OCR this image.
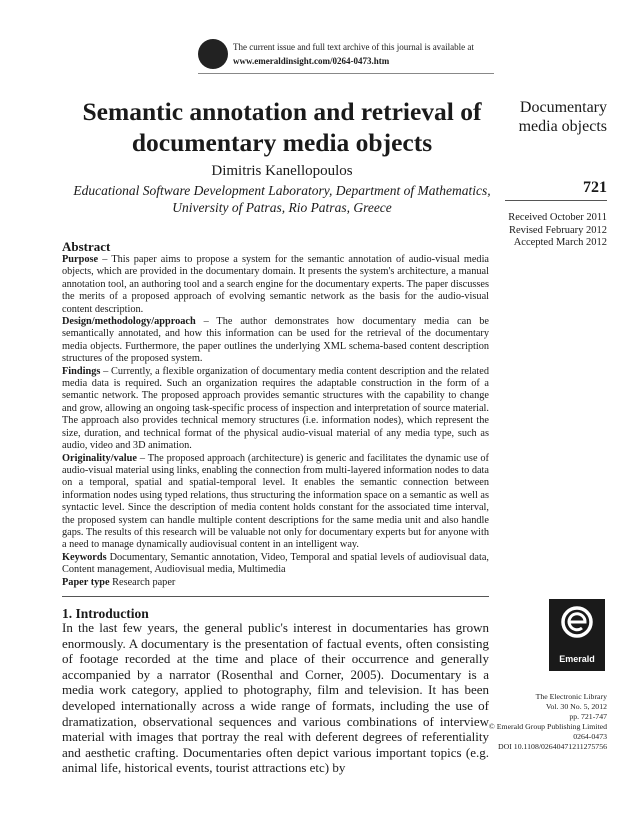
The current issue and full text archive of this journal is available at
www.emeraldinsight.com/0264-0473.htm
Semantic annotation and retrieval of documentary media objects
Dimitris Kanellopoulos
Educational Software Development Laboratory, Department of Mathematics, University of Patras, Rio Patras, Greece
Documentary media objects
721
Received October 2011
Revised February 2012
Accepted March 2012
Abstract

Purpose – This paper aims to propose a system for the semantic annotation of audio-visual media objects, which are provided in the documentary domain. It presents the system's architecture, a manual annotation tool, an authoring tool and a search engine for the documentary experts. The paper discusses the merits of a proposed approach of evolving semantic network as the basis for the audio-visual content description.

Design/methodology/approach – The author demonstrates how documentary media can be semantically annotated, and how this information can be used for the retrieval of the documentary media objects. Furthermore, the paper outlines the underlying XML schema-based content description structures of the proposed system.

Findings – Currently, a flexible organization of documentary media content description and the related media data is required. Such an organization requires the adaptable construction in the form of a semantic network. The proposed approach provides semantic structures with the capability to change and grow, allowing an ongoing task-specific process of inspection and interpretation of source material. The approach also provides technical memory structures (i.e. information nodes), which represent the size, duration, and technical format of the physical audio-visual material of any media type, such as audio, video and 3D animation.

Originality/value – The proposed approach (architecture) is generic and facilitates the dynamic use of audio-visual material using links, enabling the connection from multi-layered information nodes to data on a temporal, spatial and spatial-temporal level. It enables the semantic connection between information nodes using typed relations, thus structuring the information space on a semantic as well as syntactic level. Since the description of media content holds constant for the associated time interval, the proposed system can handle multiple content descriptions for the same media unit and also handle gaps. The results of this research will be valuable not only for documentary experts but for anyone with a need to manage dynamically audiovisual content in an intelligent way.

Keywords Documentary, Semantic annotation, Video, Temporal and spatial levels of audiovisual data, Content management, Audiovisual media, Multimedia

Paper type Research paper

1. Introduction

In the last few years, the general public's interest in documentaries has grown enormously. A documentary is the presentation of factual events, often consisting of footage recorded at the time and place of their occurrence and generally accompanied by a narrator (Rosenthal and Corner, 2005). Documentary is a media work category, applied to photography, film and television. It has been developed internationally across a wide range of formats, including the use of dramatization, observational sequences and various combinations of interview material with images that portray the real with deferent degrees of referentiality and aesthetic crafting. Documentaries often depict various important topics (e.g. animal life, historical events, tourist attractions etc) by

Emerald
The Electronic Library
Vol. 30 No. 5, 2012
pp. 721-747
© Emerald Group Publishing Limited
0264-0473
DOI 10.1108/02640471211275756
